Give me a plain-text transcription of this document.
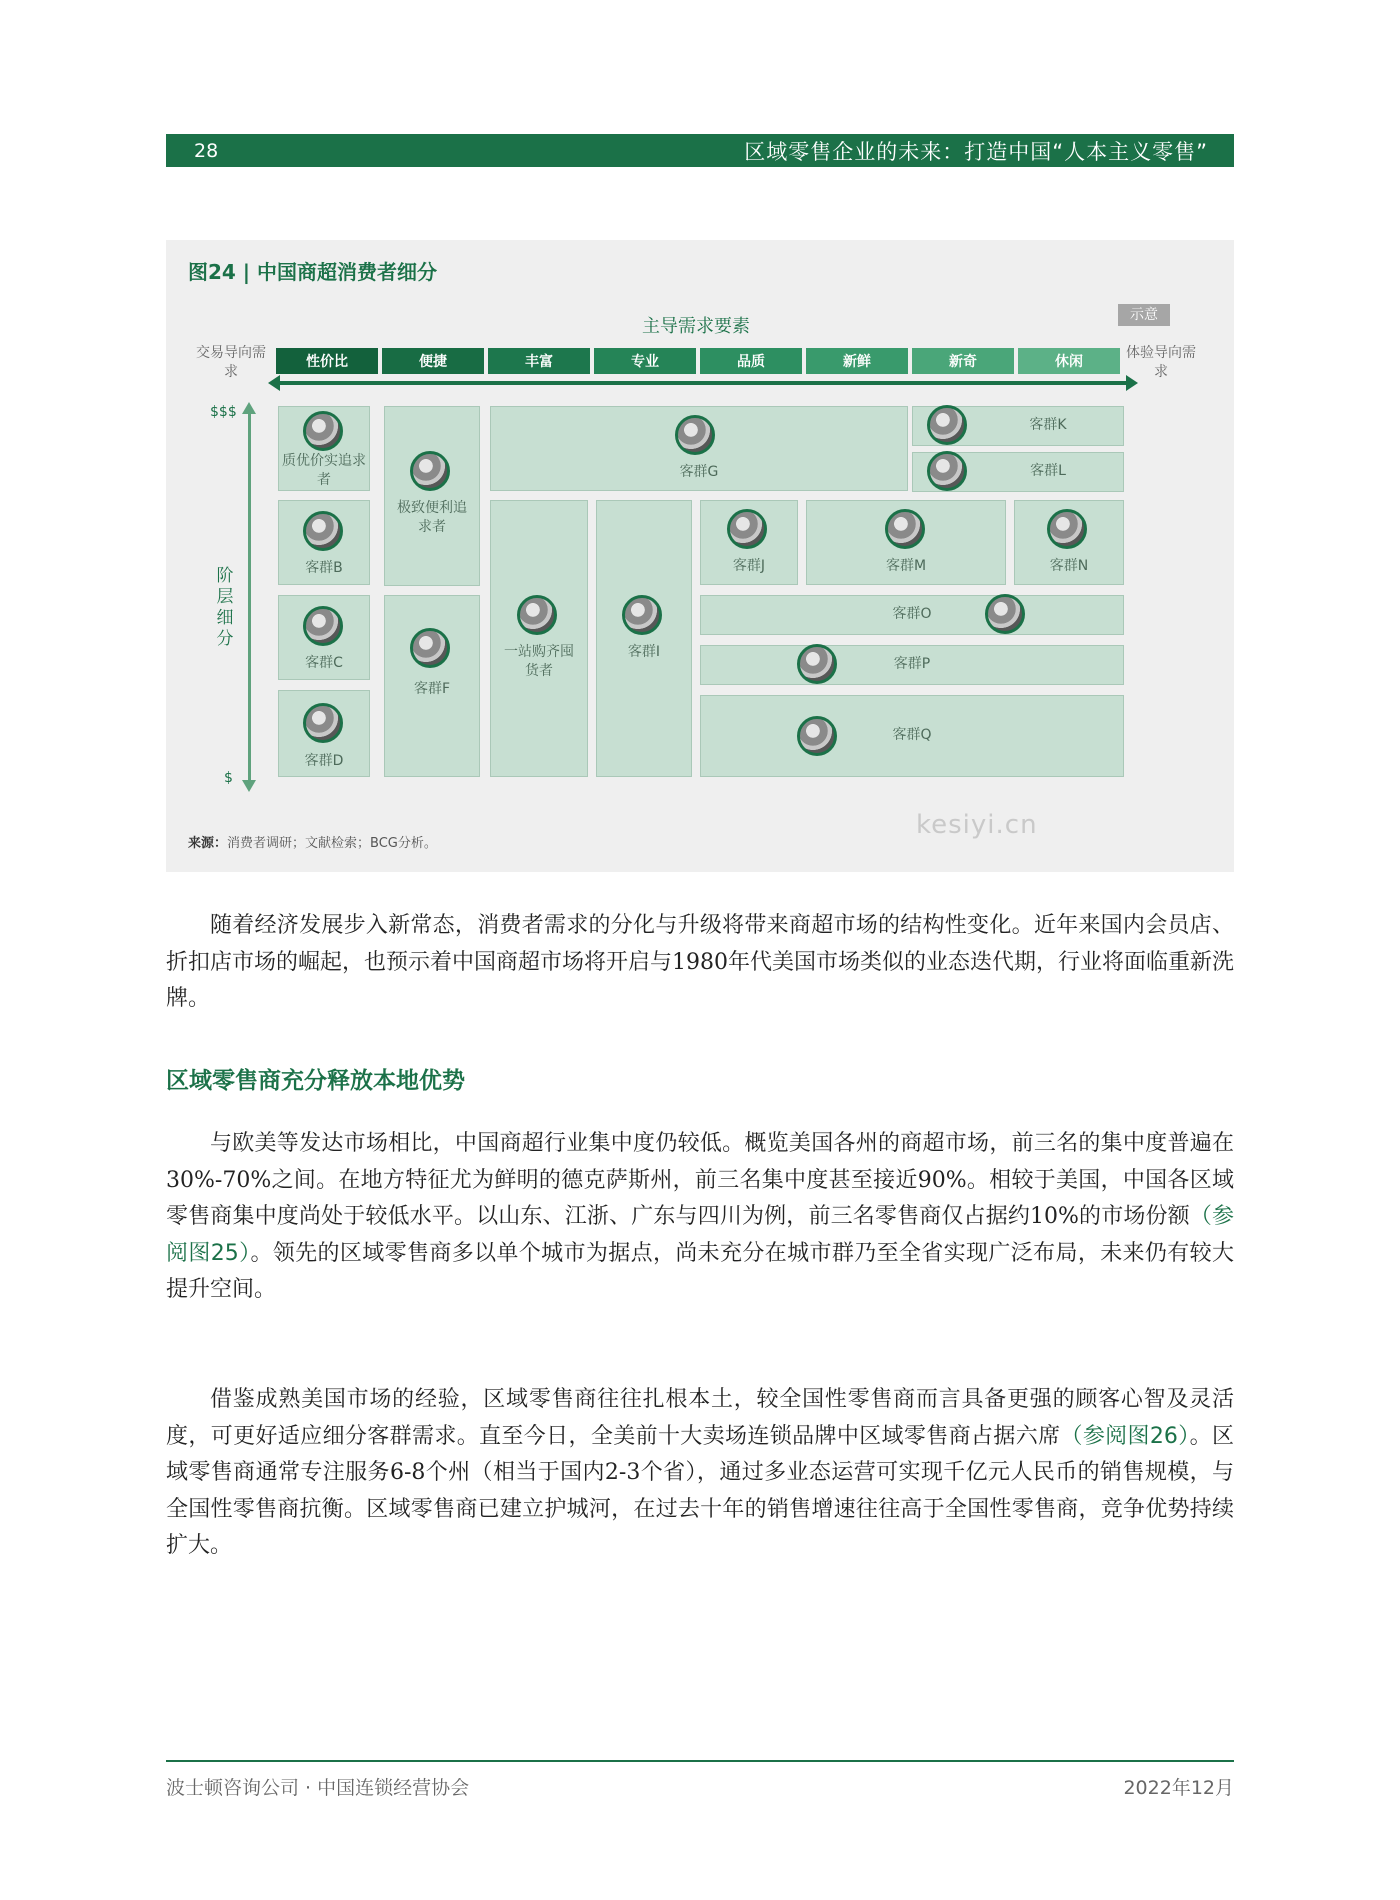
28	区域零售企业的未来：打造中国“人本主义零售”
图24 | 中国商超消费者细分
示意
主导需求要素
交易导向需求
体验导向需求
性价比	便捷	丰富	专业	品质	新鲜	新奇	休闲
$$$
$
阶层细分
质优价实追求者
客群B
客群C
客群D
极致便利追求者
客群F
客群G
一站购齐囤货者
客群I
客群K
客群L
客群J	客群M	客群N
客群O
客群P
客群Q
kesiyi.cn
来源：消费者调研；文献检索；BCG分析。
随着经济发展步入新常态，消费者需求的分化与升级将带来商超市场的结构性变化。近年来国内会员店、折扣店市场的崛起，也预示着中国商超市场将开启与1980年代美国市场类似的业态迭代期，行业将面临重新洗牌。
区域零售商充分释放本地优势
与欧美等发达市场相比，中国商超行业集中度仍较低。概览美国各州的商超市场，前三名的集中度普遍在30%-70%之间。在地方特征尤为鲜明的德克萨斯州，前三名集中度甚至接近90%。相较于美国，中国各区域零售商集中度尚处于较低水平。以山东、江浙、广东与四川为例，前三名零售商仅占据约10%的市场份额（参阅图25）。领先的区域零售商多以单个城市为据点，尚未充分在城市群乃至全省实现广泛布局，未来仍有较大提升空间。
借鉴成熟美国市场的经验，区域零售商往往扎根本土，较全国性零售商而言具备更强的顾客心智及灵活度，可更好适应细分客群需求。直至今日，全美前十大卖场连锁品牌中区域零售商占据六席（参阅图26）。区域零售商通常专注服务6-8个州（相当于国内2-3个省），通过多业态运营可实现千亿元人民币的销售规模，与全国性零售商抗衡。区域零售商已建立护城河，在过去十年的销售增速往往高于全国性零售商，竞争优势持续扩大。
波士顿咨询公司 · 中国连锁经营协会	2022年12月
